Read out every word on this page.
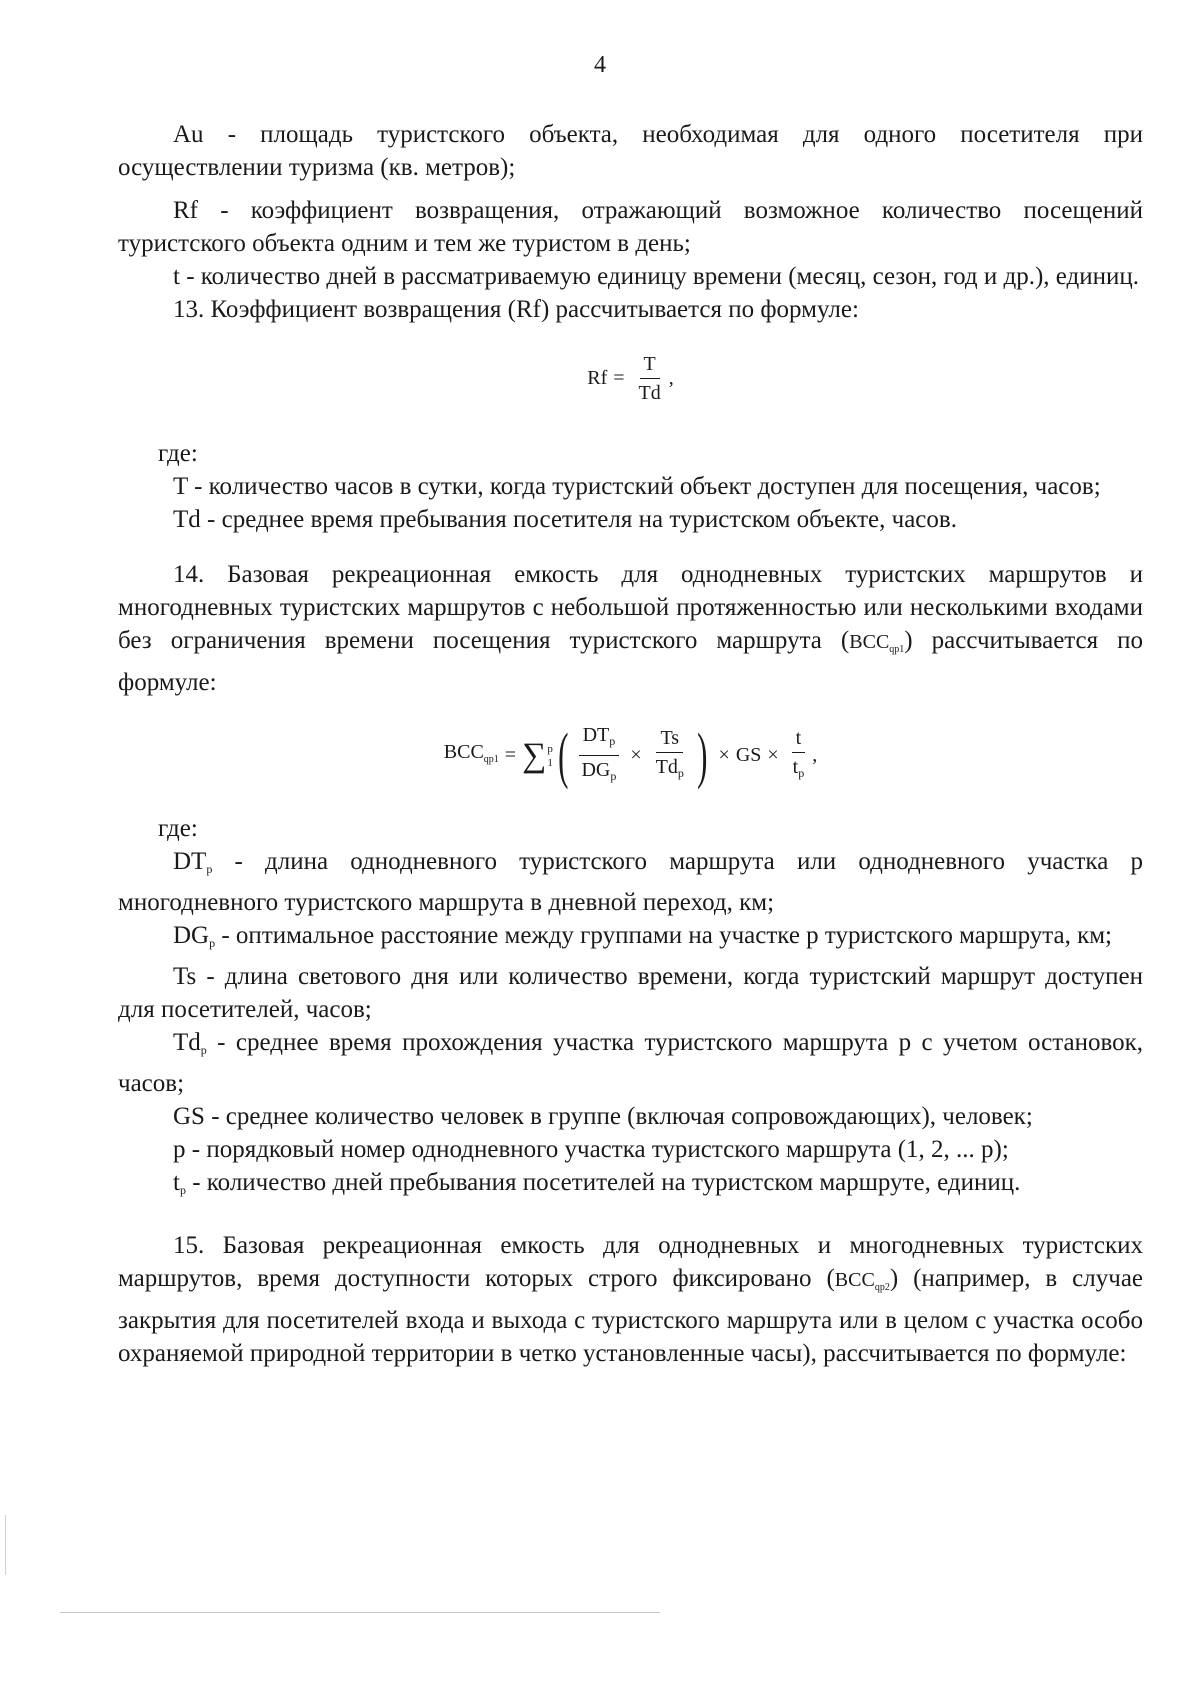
4

Au - площадь туристского объекта, необходимая для одного посетителя при осуществлении туризма (кв. метров);

Rf - коэффициент возвращения, отражающий возможное количество посещений туристского объекта одним и тем же туристом в день;

t - количество дней в рассматриваемую единицу времени (месяц, сезон, год и др.), единиц.

13. Коэффициент возвращения (Rf) рассчитывается по формуле:

$Rf = \frac{T}{Td}$ ,

где:

T - количество часов в сутки, когда туристский объект доступен для посещения, часов;

Td - среднее время пребывания посетителя на туристском объекте, часов.

14. Базовая рекреационная емкость для однодневных туристских маршрутов и многодневных туристских маршрутов с небольшой протяженностью или несколькими входами без ограничения времени посещения туристского маршрута (BCCqp1) рассчитывается по формуле:

$BCC_{qp1}$ = ∑ p
1 ( $\frac{DT_p}{DG_p} \times \frac{Ts}{Td_p}$ ) × GS × $\frac{t}{t_p}$ ,

где:

$DT_p$ - длина однодневного туристского маршрута или однодневного участка p многодневного туристского маршрута в дневной переход, км;

$DG_p$ - оптимальное расстояние между группами на участке p туристского маршрута, км;

Ts - длина светового дня или количество времени, когда туристский маршрут доступен для посетителей, часов;

$Td_p$ - среднее время прохождения участка туристского маршрута p с учетом остановок, часов;

GS - среднее количество человек в группе (включая сопровождающих), человек;

p - порядковый номер однодневного участка туристского маршрута (1, 2, ... p);

$t_p$ - количество дней пребывания посетителей на туристском маршруте, единиц.

15. Базовая рекреационная емкость для однодневных и многодневных туристских маршрутов, время доступности которых строго фиксировано (BCCqp2) (например, в случае закрытия для посетителей входа и выхода с туристского маршрута или в целом с участка особо охраняемой природной территории в четко установленные часы), рассчитывается по формуле:
